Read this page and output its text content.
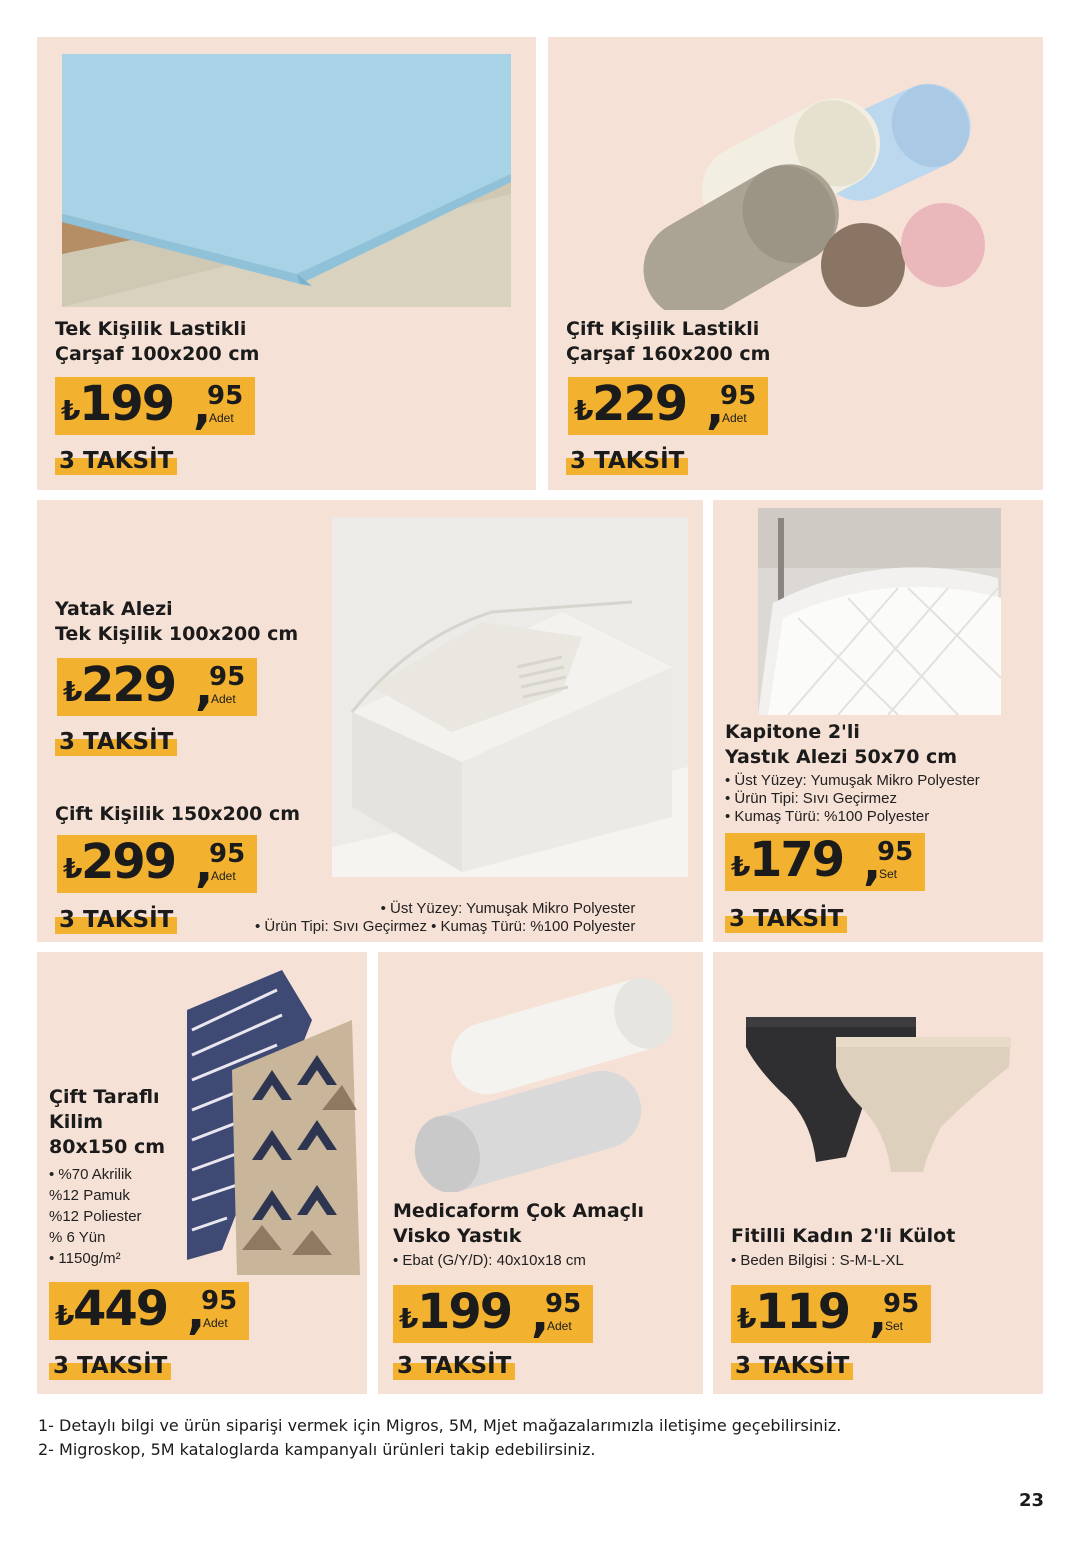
Tek Kişilik Lastikli
Çarşaf 100x200 cm
₺
199 ,
95
Adet
3 TAKSİT
Çift Kişilik Lastikli
Çarşaf 160x200 cm
₺
229 ,
95
Adet
3 TAKSİT
Yatak Alezi
Tek Kişilik 100x200 cm
₺
229 ,
95
Adet
3 TAKSİT
Çift Kişilik 150x200 cm
₺
299 ,
95
Adet
3 TAKSİT	• Üst Yüzey: Yumuşak Mikro Polyester
• Ürün Tipi: Sıvı Geçirmez • Kumaş Türü: %100 Polyester
Kapitone 2'li
Yastık Alezi 50x70 cm
• Üst Yüzey: Yumuşak Mikro Polyester
• Ürün Tipi: Sıvı Geçirmez
• Kumaş Türü: %100 Polyester
₺
179 ,
95
Set
3 TAKSİT
Çift Taraflı
Kilim
80x150 cm
• %70 Akrilik
%12 Pamuk
%12 Poliester
% 6 Yün
• 1150g/m²
₺
449 ,
95
Adet
3 TAKSİT
Medicaform Çok Amaçlı
Visko Yastık
• Ebat (G/Y/D): 40x10x18 cm
₺
199 ,
95
Adet
3 TAKSİT
Fitilli Kadın 2'li Külot
• Beden Bilgisi : S-M-L-XL
₺
119 ,
95
Set
3 TAKSİT
1- Detaylı bilgi ve ürün siparişi vermek için Migros, 5M, Mjet mağazalarımızla iletişime geçebilirsiniz.
2- Migroskop, 5M kataloglarda kampanyalı ürünleri takip edebilirsiniz.
23
